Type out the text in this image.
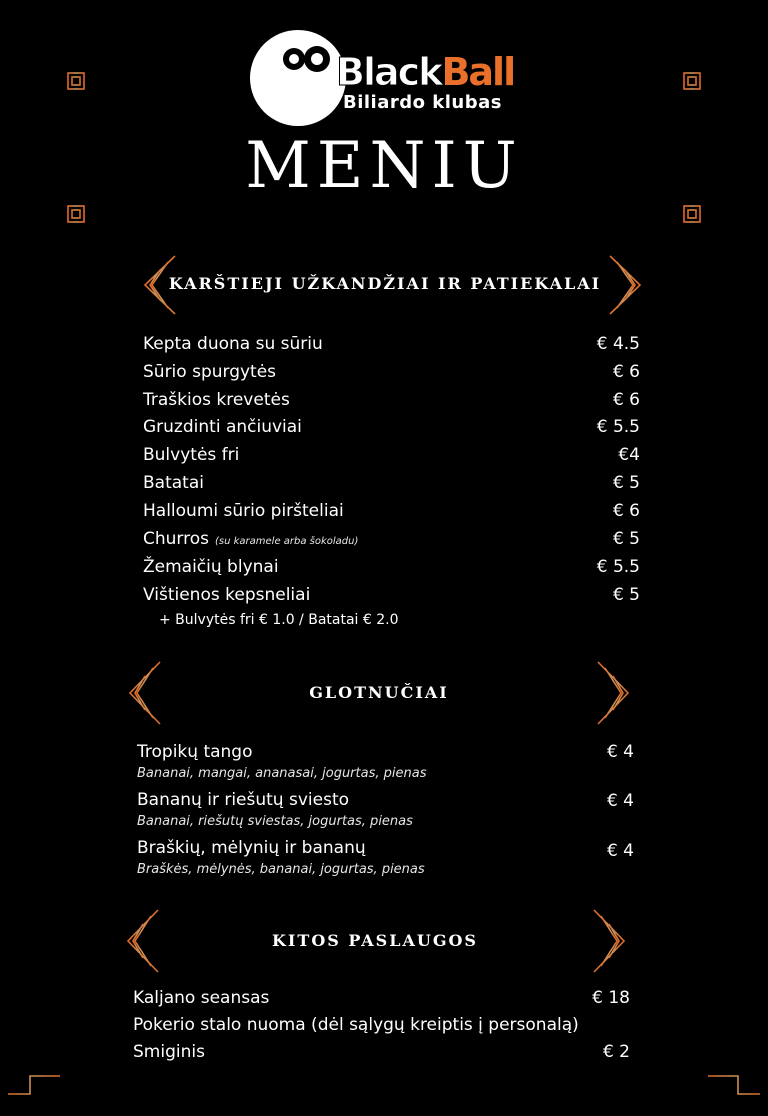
BlackBall
Biliardo klubas
MENIU
KARŠTIEJI UŽKANDŽIAI IR PATIEKALAI
Kepta duona su sūriu	€ 4.5
Sūrio spurgytės	€ 6
Traškios krevetės	€ 6
Gruzdinti ančiuviai	€ 5.5
Bulvytės fri	€4
Batatai	€ 5
Halloumi sūrio piršteliai	€ 6
Churros (su karamele arba šokoladu)	€ 5
Žemaičių blynai	€ 5.5
Vištienos kepsneliai	€ 5
+ Bulvytės fri € 1.0 / Batatai € 2.0
GLOTNUČIAI
Tropikų tango	€ 4
Bananai, mangai, ananasai, jogurtas, pienas
Bananų ir riešutų sviesto	€ 4
Bananai, riešutų sviestas, jogurtas, pienas
Braškių, mėlynių ir bananų	€ 4
Braškės, mėlynės, bananai, jogurtas, pienas
KITOS PASLAUGOS
Kaljano seansas	€ 18
Pokerio stalo nuoma (dėl sąlygų kreiptis į personalą)
Smiginis	€ 2
